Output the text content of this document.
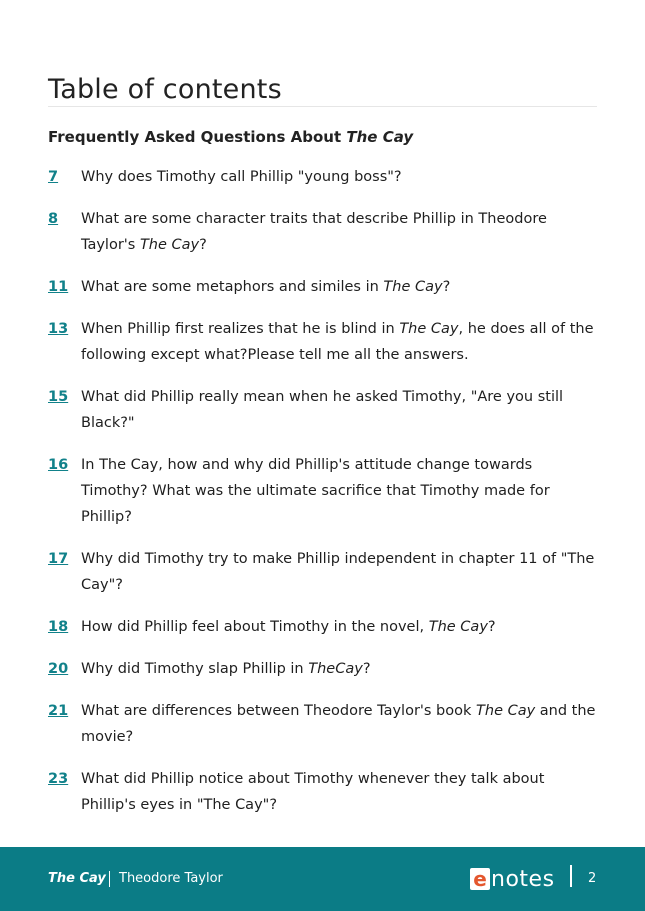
Table of contents
Frequently Asked Questions About The Cay
7	Why does Timothy call Phillip "young boss"?
8	What are some character traits that describe Phillip in Theodore Taylor's The Cay?
11 What are some metaphors and similes in The Cay?
13 When Phillip first realizes that he is blind in The Cay, he does all of the following except what?Please tell me all the answers.
15 What did Phillip really mean when he asked Timothy, "Are you still Black?"
16 In The Cay, how and why did Phillip's attitude change towards Timothy? What was the ultimate sacrifice that Timothy made for Phillip?
17 Why did Timothy try to make Phillip independent in chapter 11 of "The Cay"?
18 How did Phillip feel about Timothy in the novel, The Cay?
20 Why did Timothy slap Phillip in TheCay?
21 What are differences between Theodore Taylor's book The Cay and the movie?
23 What did Phillip notice about Timothy whenever they talk about Phillip's eyes in "The Cay"?
The Cay Theodore Taylor	e notes	2
